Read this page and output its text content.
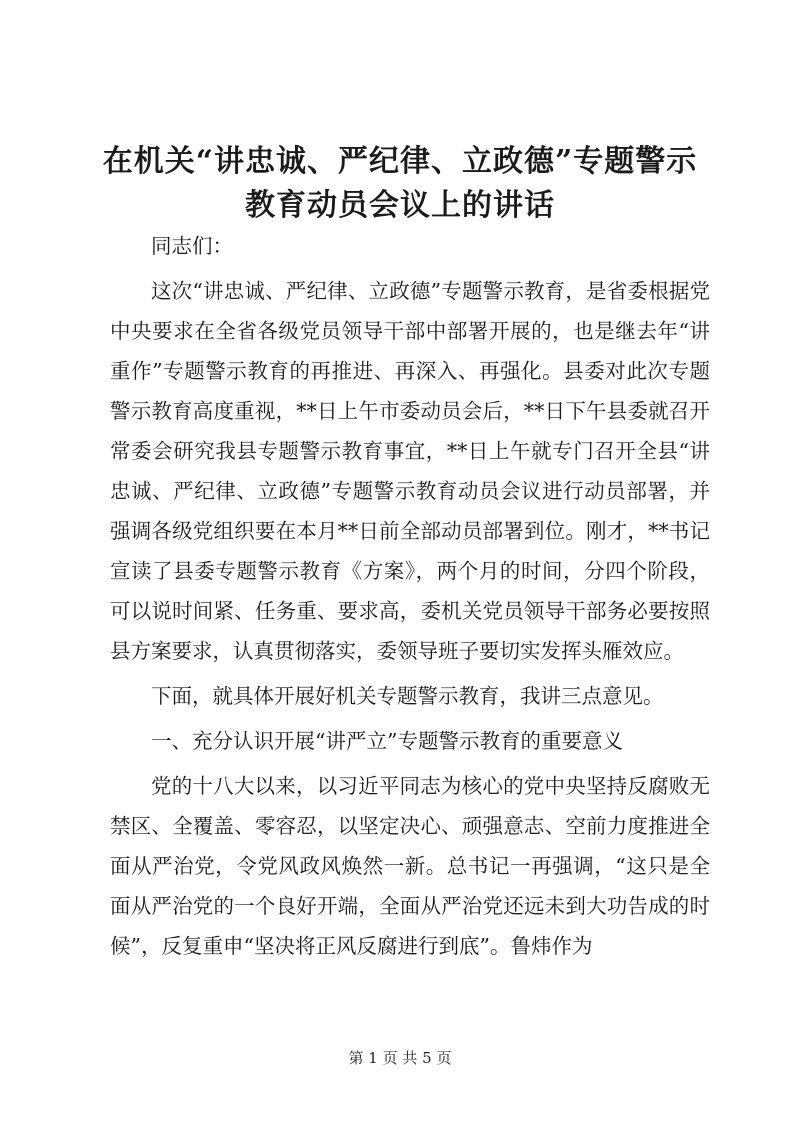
在机关“讲忠诚、严纪律、立政德”专题警示
教育动员会议上的讲话

同志们：

这次“讲忠诚、严纪律、立政德”专题警示教育，是省委根据党中央要求在全省各级党员领导干部中部署开展的，也是继去年“讲重作”专题警示教育的再推进、再深入、再强化。县委对此次专题警示教育高度重视，**日上午市委动员会后，**日下午县委就召开常委会研究我县专题警示教育事宜，**日上午就专门召开全县“讲忠诚、严纪律、立政德”专题警示教育动员会议进行动员部署，并强调各级党组织要在本月**日前全部动员部署到位。刚才，**书记宣读了县委专题警示教育《方案》，两个月的时间，分四个阶段，可以说时间紧、任务重、要求高，委机关党员领导干部务必要按照县方案要求，认真贯彻落实，委领导班子要切实发挥头雁效应。

下面，就具体开展好机关专题警示教育，我讲三点意见。

一、充分认识开展“讲严立”专题警示教育的重要意义

党的十八大以来，以习近平同志为核心的党中央坚持反腐败无禁区、全覆盖、零容忍，以坚定决心、顽强意志、空前力度推进全面从严治党，令党风政风焕然一新。总书记一再强调，“这只是全面从严治党的一个良好开端，全面从严治党还远未到大功告成的时候”，反复重申“坚决将正风反腐进行到底”。鲁炜作为

第 1 页 共 5 页
